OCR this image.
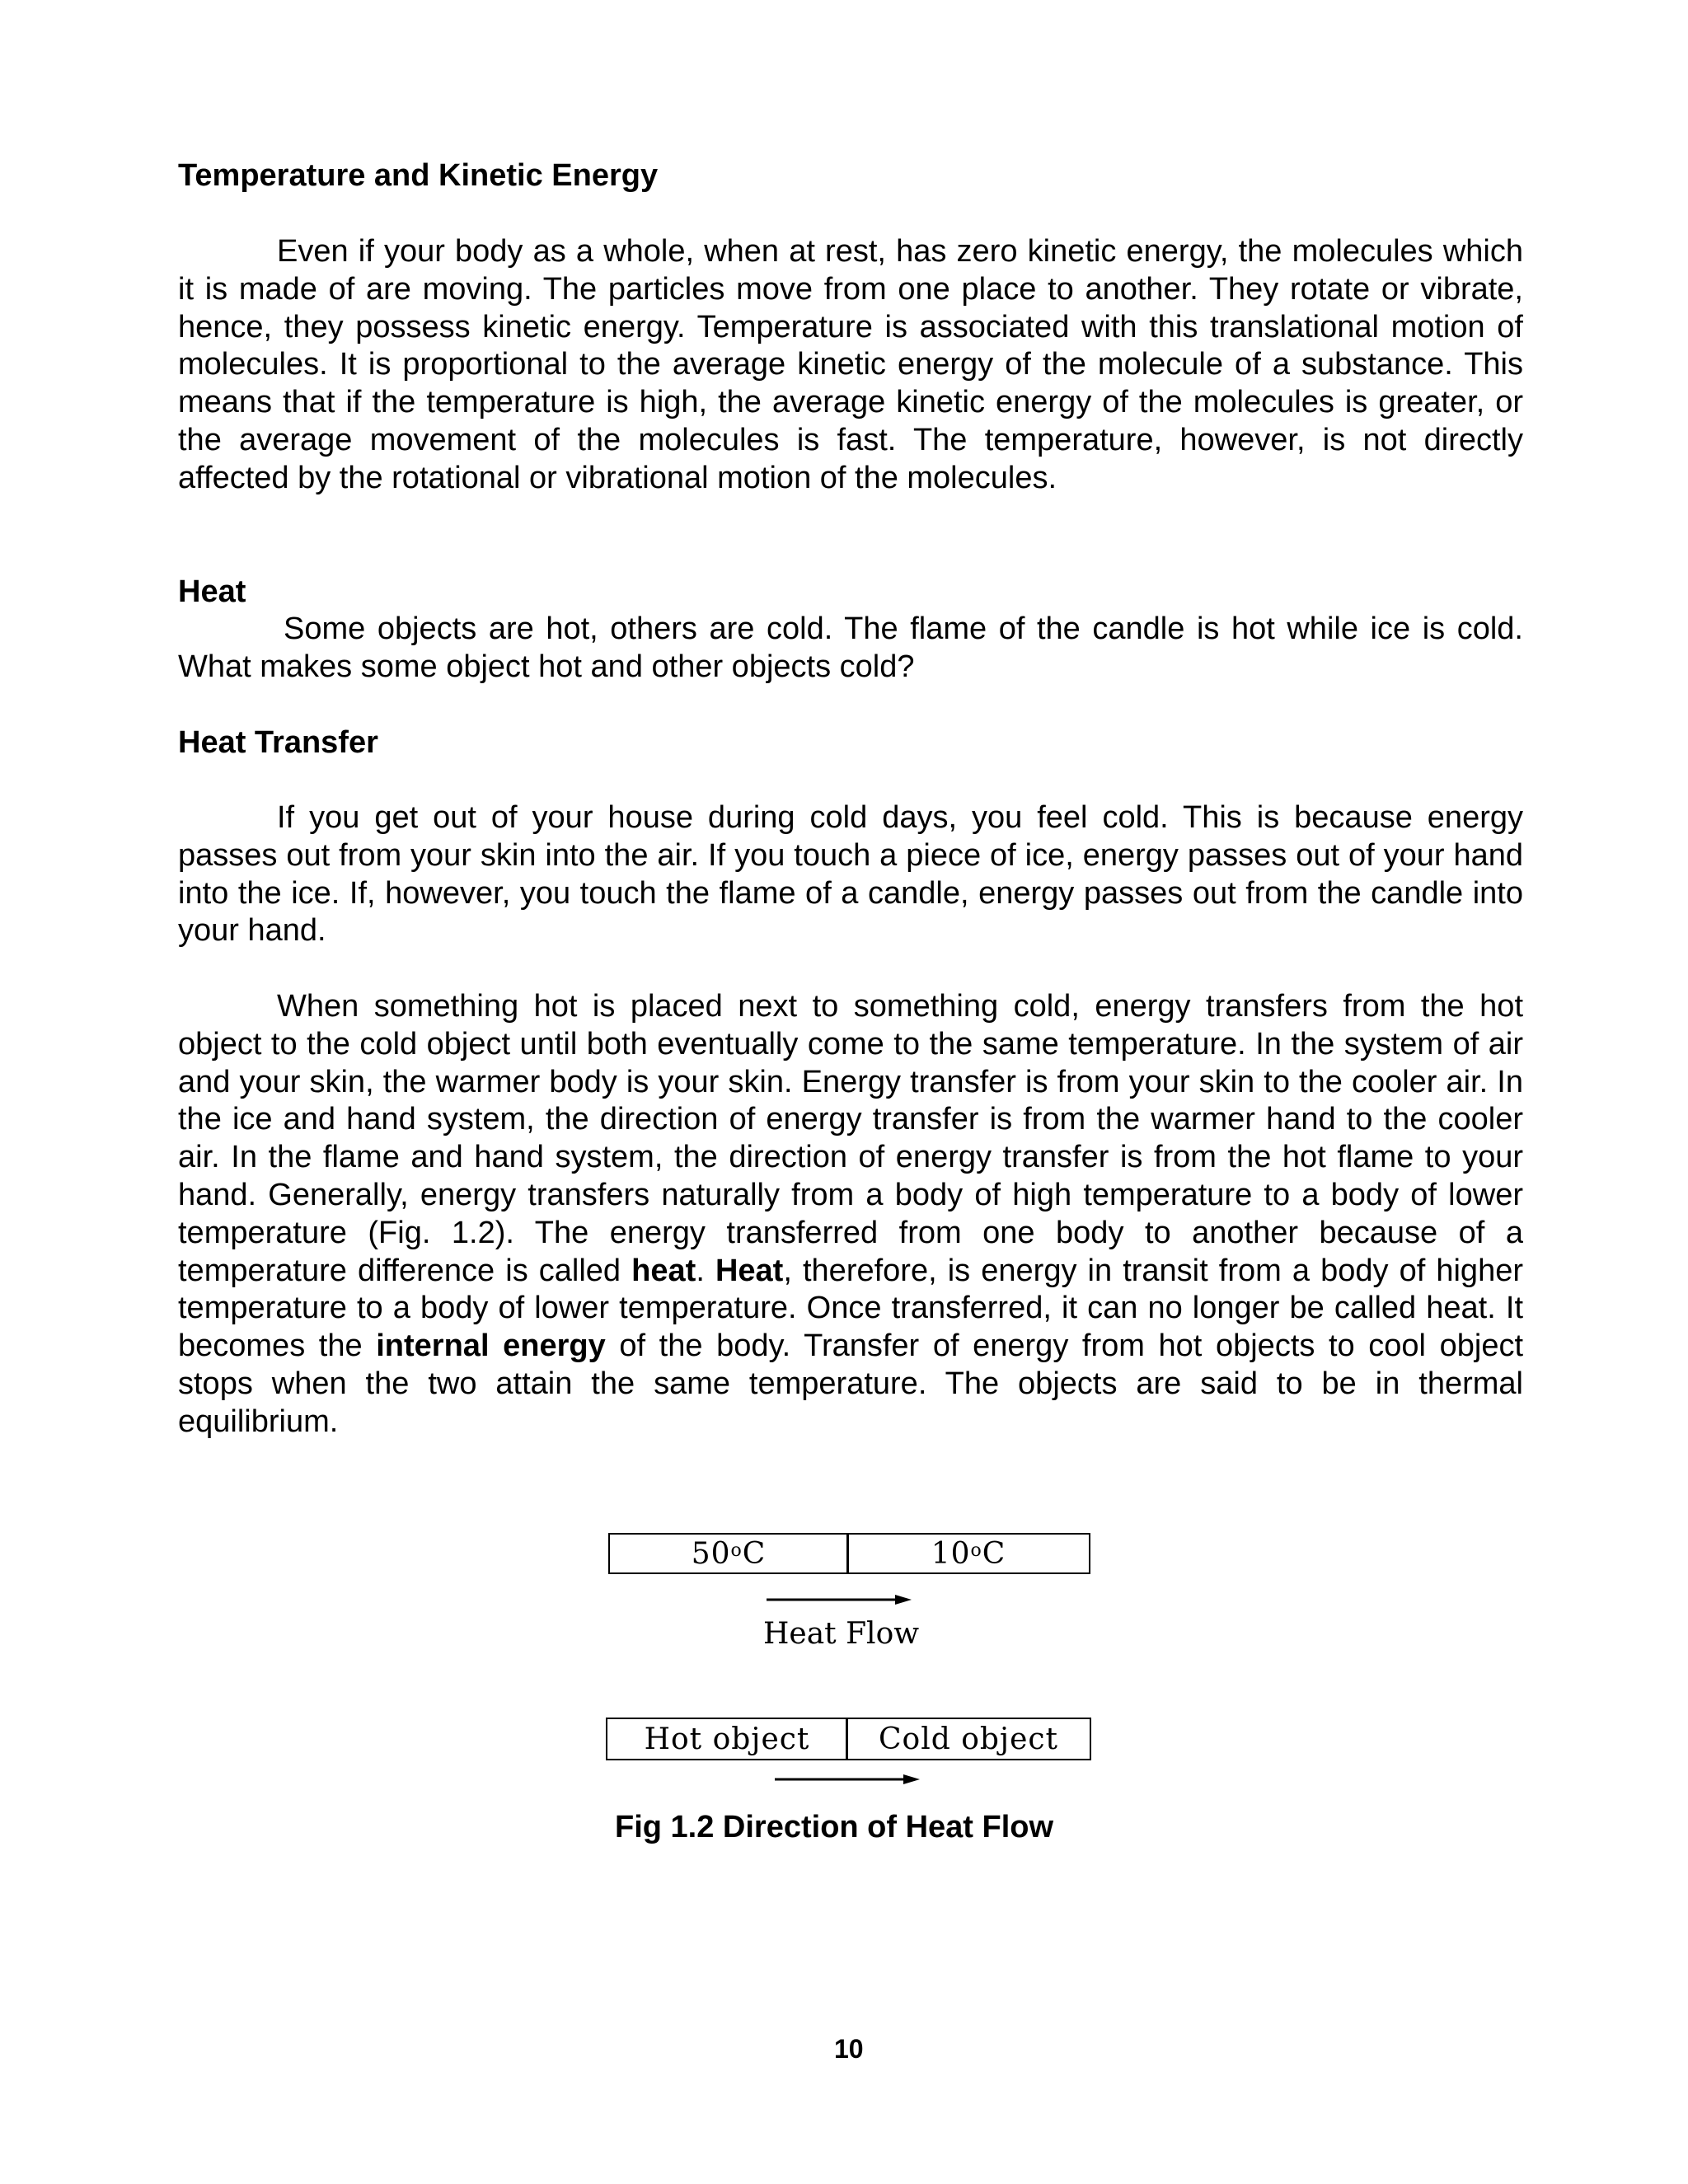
Temperature and Kinetic Energy

Even if your body as a whole, when at rest, has zero kinetic energy, the molecules which it is made of are moving. The particles move from one place to another. They rotate or vibrate, hence, they possess kinetic energy. Temperature is associated with this translational motion of molecules. It is proportional to the average kinetic energy of the molecule of a substance. This means that if the temperature is high, the average kinetic energy of the molecules is greater, or the average movement of the molecules is fast. The temperature, however, is not directly affected by the rotational or vibrational motion of the molecules.

Heat

Some objects are hot, others are cold. The flame of the candle is hot while ice is cold. What makes some object hot and other objects cold?

Heat Transfer

If you get out of your house during cold days, you feel cold. This is because energy passes out from your skin into the air. If you touch a piece of ice, energy passes out of your hand into the ice. If, however, you touch the flame of a candle, energy passes out from the candle into your hand.

When something hot is placed next to something cold, energy transfers from the hot object to the cold object until both eventually come to the same temperature. In the system of air and your skin, the warmer body is your skin. Energy transfer is from your skin to the cooler air. In the ice and hand system, the direction of energy transfer is from the warmer hand to the cooler air. In the flame and hand system, the direction of energy transfer is from the hot flame to your hand. Generally, energy transfers naturally from a body of high temperature to a body of lower temperature (Fig. 1.2). The energy transferred from one body to another because of a temperature difference is called heat. Heat, therefore, is energy in transit from a body of higher temperature to a body of lower temperature. Once transferred, it can no longer be called heat. It becomes the internal energy of the body. Transfer of energy from hot objects to cool object stops when the two attain the same temperature. The objects are said to be in thermal equilibrium.

50 $^o$ C	10 $^o$ C
Heat Flow
Hot object	Cold object

Fig 1.2 Direction of Heat Flow

10
